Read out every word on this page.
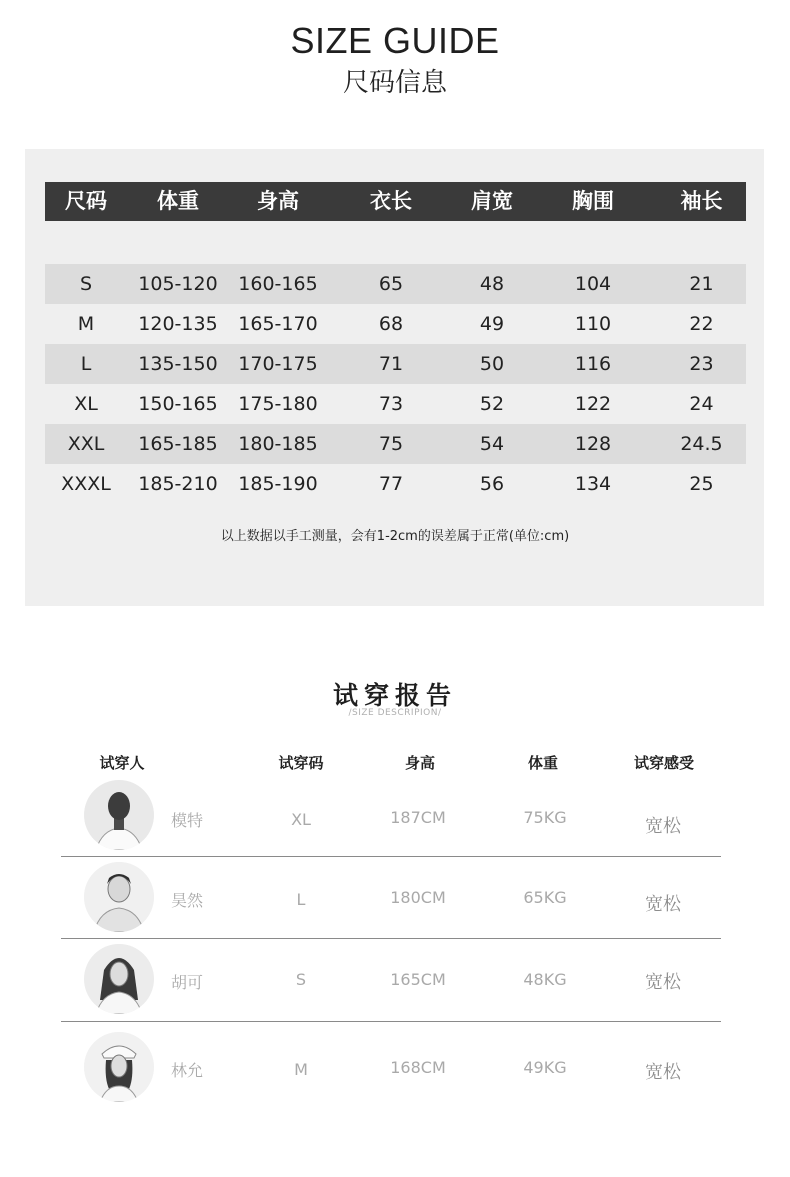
SIZE GUIDE
尺码信息
尺码	体重	身高	衣长	肩宽	胸围	袖长
S	105-120	160-165	65	48	104	21
M	120-135	165-170	68	49	110	22
L	135-150	170-175	71	50	116	23
XL	150-165	175-180	73	52	122	24
XXL	165-185	180-185	75	54	128	24.5
XXXL	185-210	185-190	77	56	134	25
以上数据以手工测量，会有1-2cm的误差属于正常(单位:cm)
试穿报告
/SIZE DESCRIPION/
试穿人	试穿码	身高	体重	试穿感受
模特	XL	187CM	75KG	宽松
昊然	L	180CM	65KG	宽松
胡可	S	165CM	48KG	宽松
林允	M	168CM	49KG	宽松
